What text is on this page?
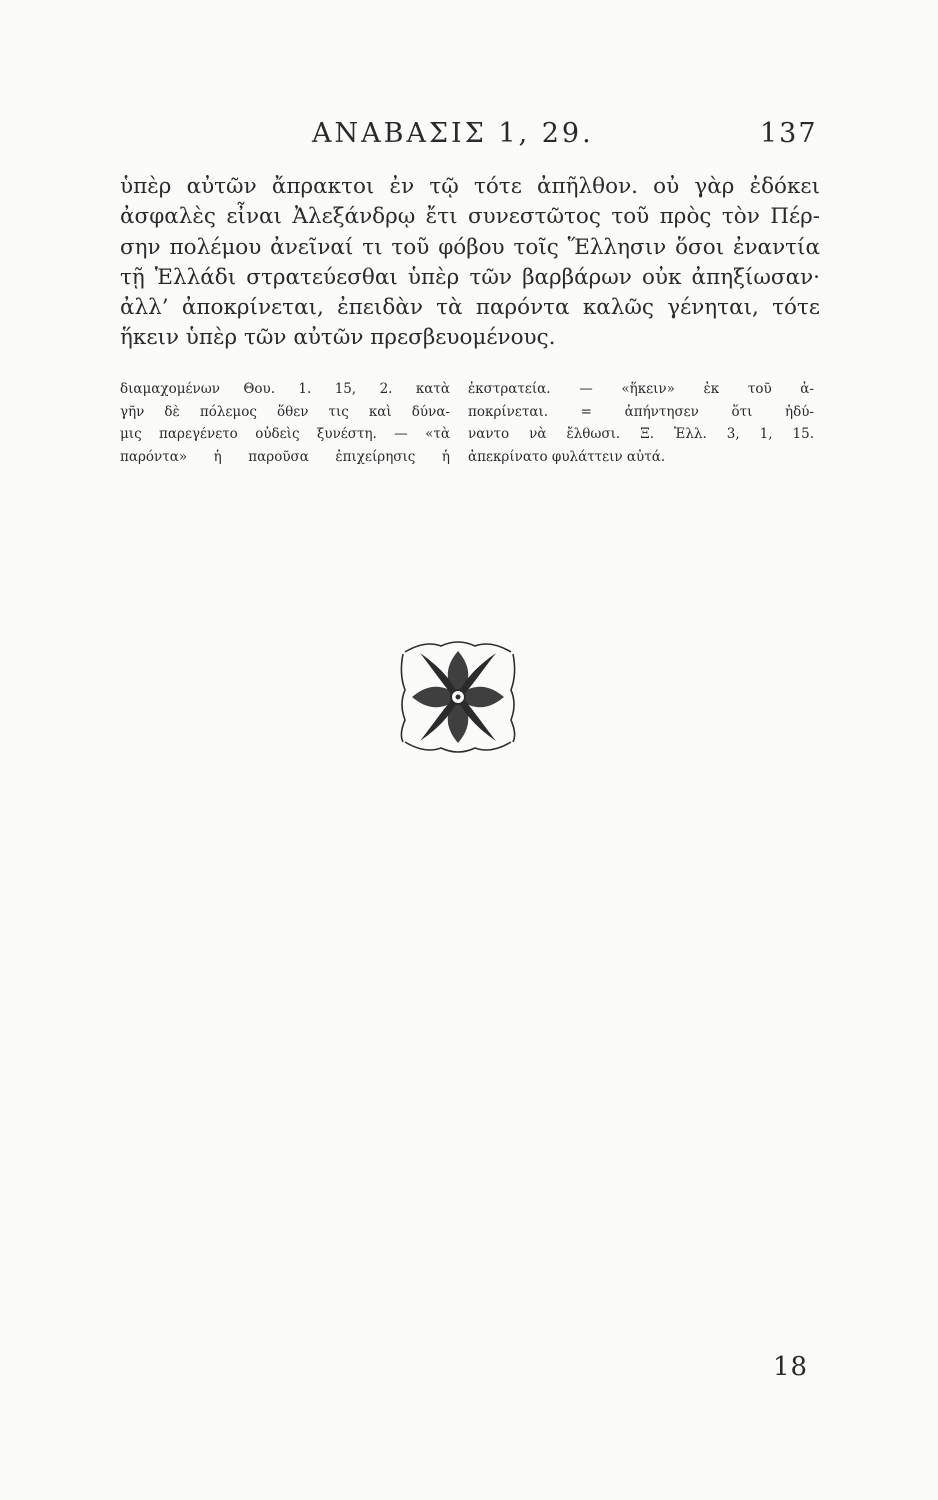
ΑΝΑΒΑΣΙΣ 1, 29.	137
ὑπὲρ αὐτῶν ἄπρακτοι ἐν τῷ τότε ἀπῆλθον. οὐ γὰρ ἐδόκει
ἀσφαλὲς εἶναι Ἀλεξάνδρῳ ἔτι συνεστῶτος τοῦ πρὸς τὸν Πέρ-
σην πολέμου ἀνεῖναί τι τοῦ φόβου τοῖς Ἕλλησιν ὅσοι ἐναντία
τῇ Ἑλλάδι στρατεύεσθαι ὑπὲρ τῶν βαρβάρων οὐκ ἀπηξίωσαν·
ἀλλ’ ἀποκρίνεται, ἐπειδὰν τὰ παρόντα καλῶς γένηται, τότε
ἥκειν ὑπὲρ τῶν αὐτῶν πρεσβευομένους.
διαμαχομένων Θου. 1. 15, 2. κατὰ
γῆν δὲ πόλεμος ὅθεν τις καὶ δύνα-
μις παρεγένετο οὐδεὶς ξυνέστη. — «τὰ
παρόντα» ἡ παροῦσα ἐπιχείρησις ἡ
ἐκστρατεία. — «ἥκειν» ἐκ τοῦ ἀ-
ποκρίνεται. = ἀπήντησεν ὅτι ἠδύ-
ναντο νὰ ἔλθωσι. Ξ. Ἑλλ. 3, 1, 15.
ἀπεκρίνατο φυλάττειν αὐτά.
18
